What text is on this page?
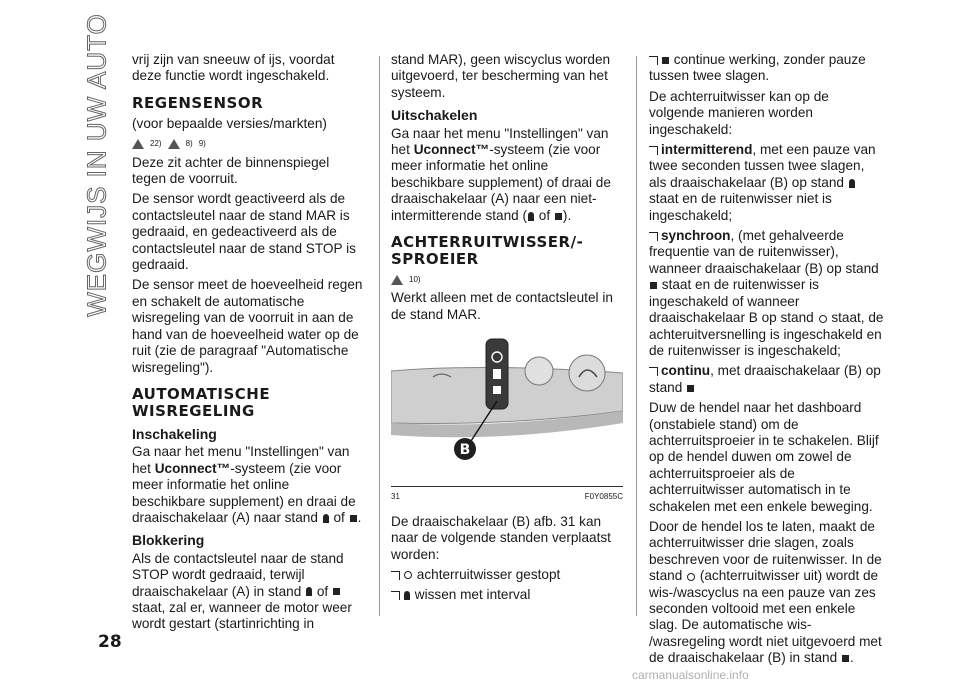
WEGWIJS IN UW AUTO
28

vrij zijn van sneeuw of ijs, voordat deze functie wordt ingeschakeld.

REGENSENSOR

(voor bepaalde versies/markten)

22)	8) 9)

Deze zit achter de binnenspiegel tegen de voorruit.

De sensor wordt geactiveerd als de contactsleutel naar de stand MAR is gedraaid, en gedeactiveerd als de contactsleutel naar de stand STOP is gedraaid.

De sensor meet de hoeveelheid regen en schakelt de automatische wisregeling van de voorruit in aan de hand van de hoeveelheid water op de ruit (zie de paragraaf "Automatische wisregeling").

AUTOMATISCHE WISREGELING
Inschakeling

Ga naar het menu "Instellingen" van het Uconnect™-systeem (zie voor meer informatie het online beschikbare supplement) en draai de draaischakelaar (A) naar stand of .

Blokkering

Als de contactsleutel naar de stand STOP wordt gedraaid, terwijl draaischakelaar (A) in stand of  staat, zal er, wanneer de motor weer wordt gestart (startinrichting in

stand MAR), geen wiscyclus worden uitgevoerd, ter bescherming van het systeem.

Uitschakelen

Ga naar het menu "Instellingen" van het Uconnect™-systeem (zie voor meer informatie het online beschikbare supplement) of draai de draaischakelaar (A) naar een niet-intermitterende stand ( of ).

ACHTERRUITWISSER/-SPROEIER
10)

Werkt alleen met de contactsleutel in de stand MAR.

B
31	F0Y0855C

De draaischakelaar (B) afb. 31 kan naar de volgende standen verplaatst worden:

achterruitwisser gestopt

wissen met interval

continue werking, zonder pauze tussen twee slagen.

De achterruitwisser kan op de volgende manieren worden ingeschakeld:

intermitterend, met een pauze van twee seconden tussen twee slagen, als draaischakelaar (B) op stand  staat en de ruitenwisser niet is ingeschakeld;

synchroon, (met gehalveerde frequentie van de ruitenwisser), wanneer draaischakelaar (B) op stand  staat en de ruitenwisser is ingeschakeld of wanneer draaischakelaar B op stand staat, de achteruitversnelling is ingeschakeld en de ruitenwisser is ingeschakeld;

continu, met draaischakelaar (B) op stand

Duw de hendel naar het dashboard (onstabiele stand) om de achterruitsproeier in te schakelen. Blijf op de hendel duwen om zowel de achterruitsproeier als de achterruitwisser automatisch in te schakelen met een enkele beweging.

Door de hendel los te laten, maakt de achterruitwisser drie slagen, zoals beschreven voor de ruitenwisser. In de stand (achterruitwisser uit) wordt de wis-/wascyclus na een pauze van zes seconden voltooid met een enkele slag. De automatische wis- /wasregeling wordt niet uitgevoerd met de draaischakelaar (B) in stand .

carmanualsonline.info
